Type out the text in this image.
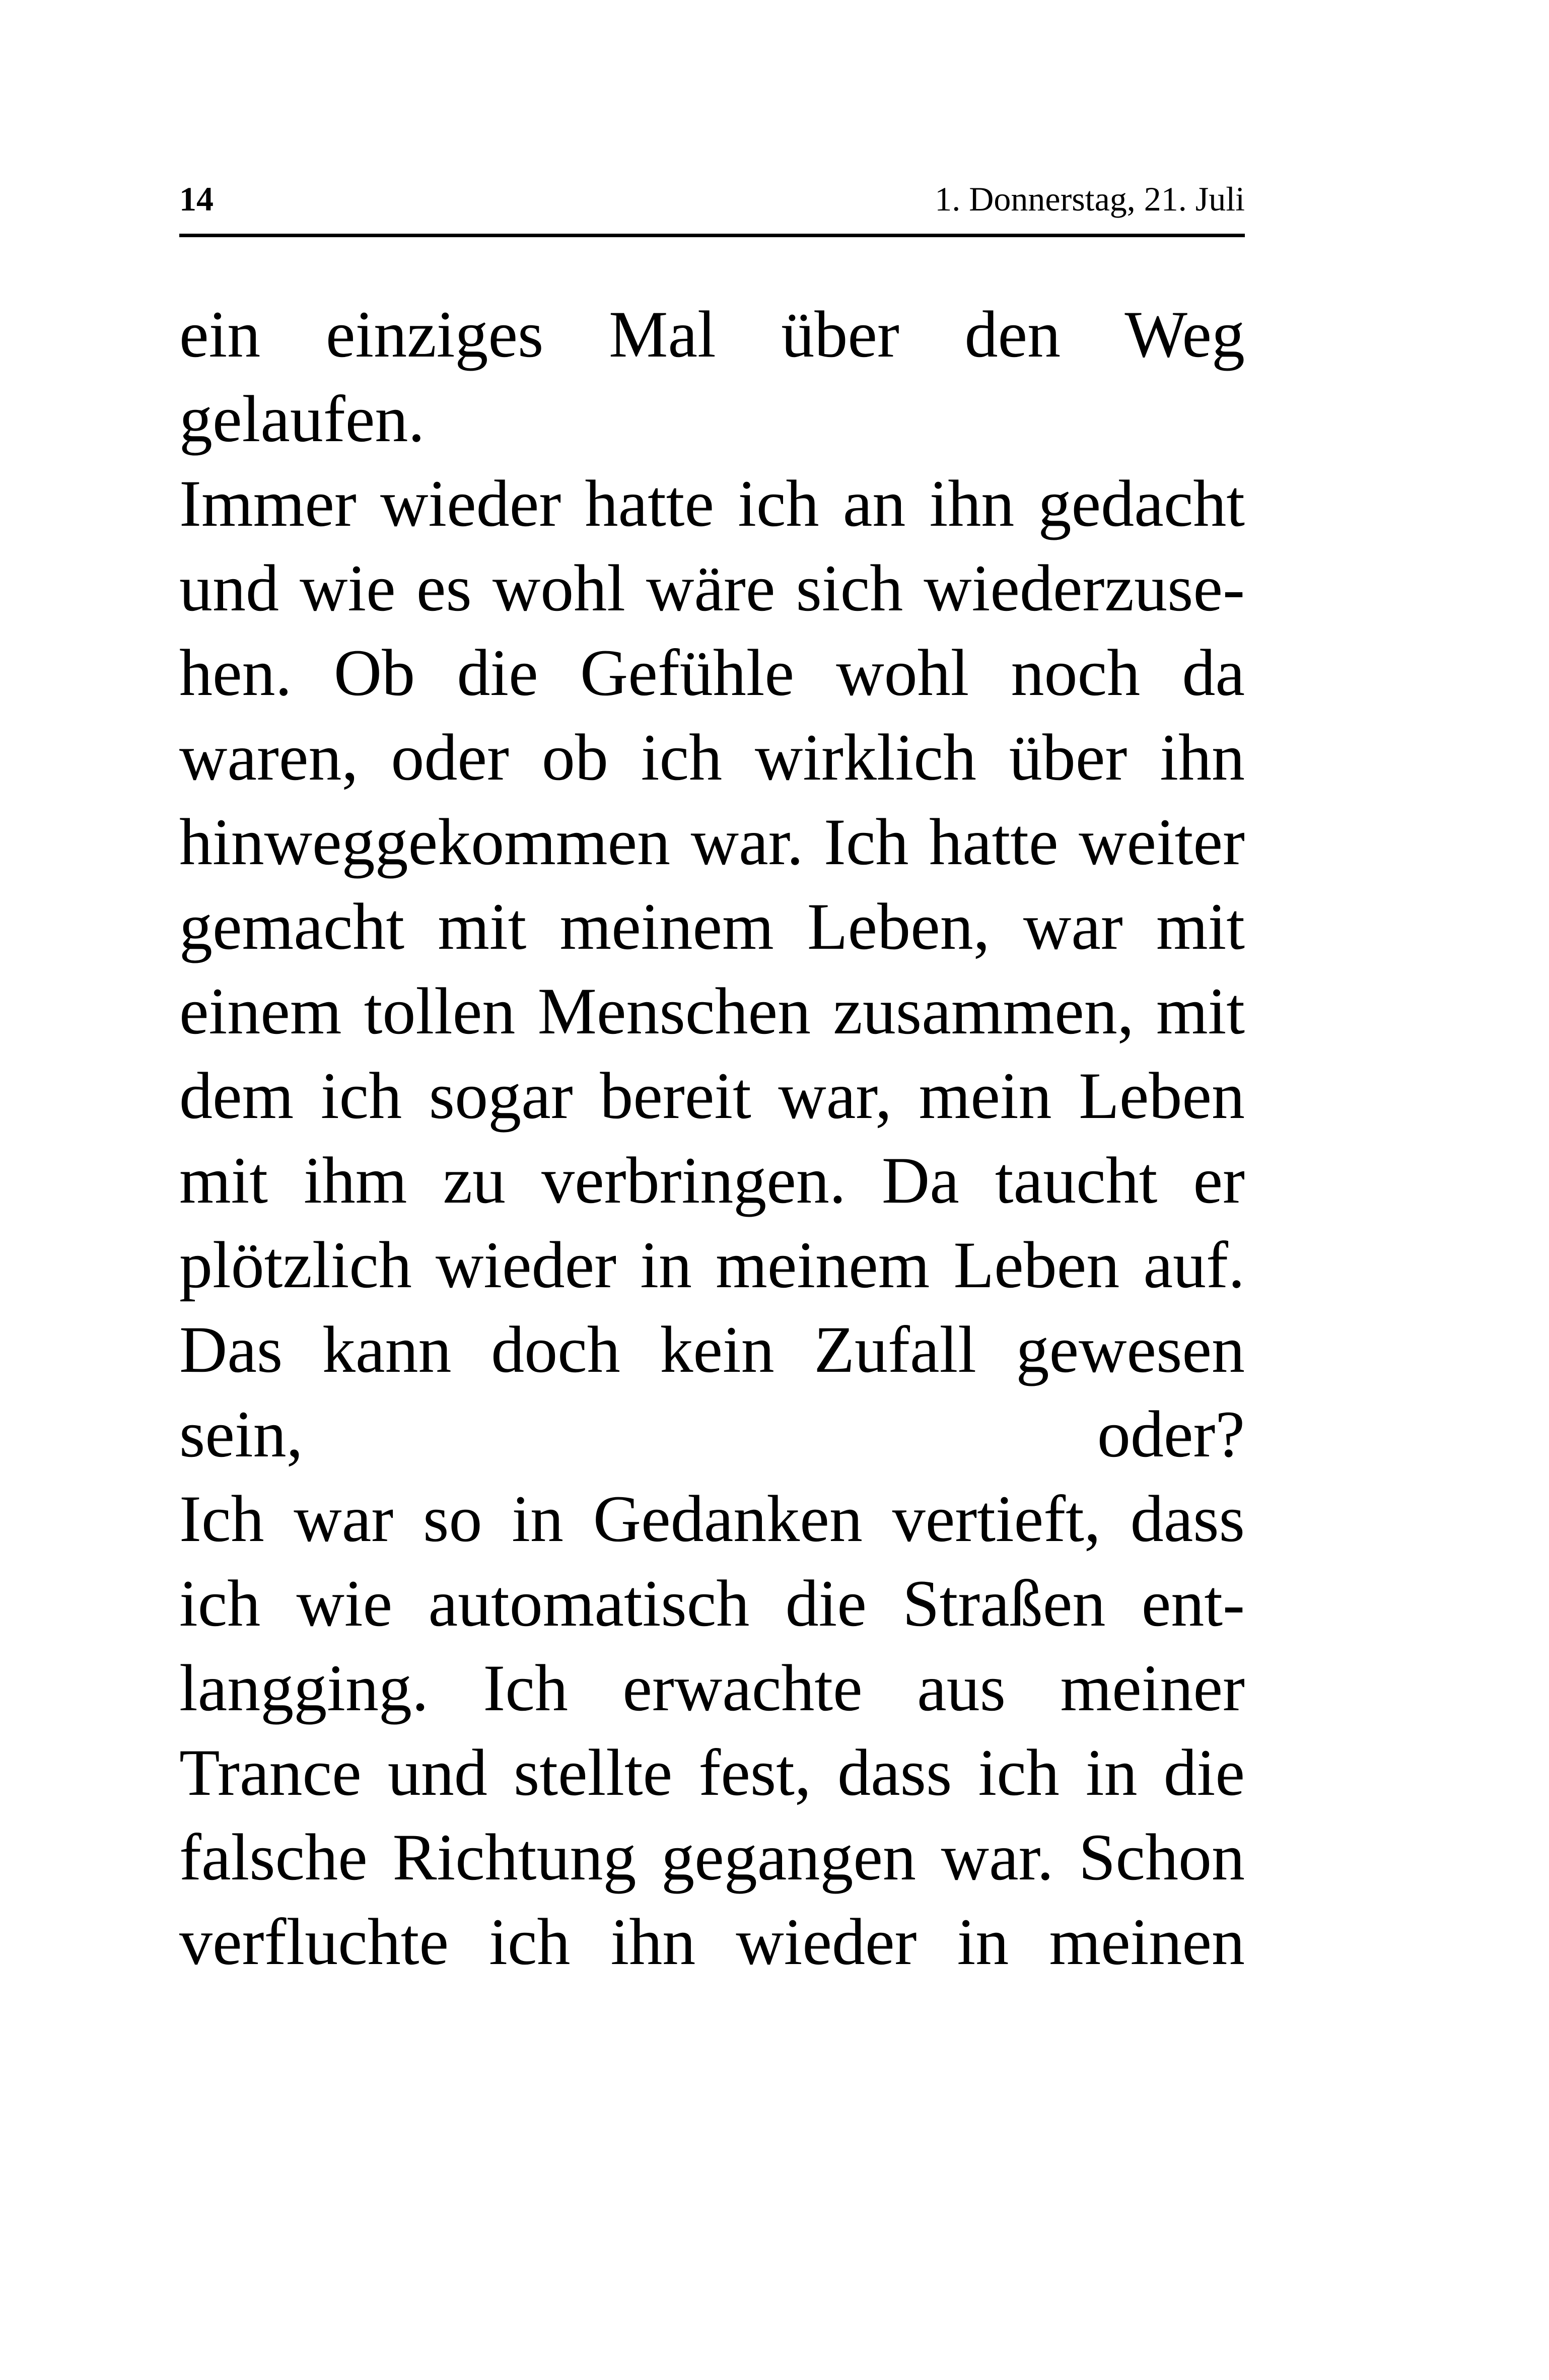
14	1. Donnerstag, 21. Juli
ein einziges Mal über den Weg
gelaufen.
Immer wieder hatte ich an ihn gedacht
und wie es wohl wäre sich wiederzuse-
hen. Ob die Gefühle wohl noch da
waren, oder ob ich wirklich über ihn
hinweggekommen war. Ich hatte weiter
gemacht mit meinem Leben, war mit
einem tollen Menschen zusammen, mit
dem ich sogar bereit war, mein Leben
mit ihm zu verbringen. Da taucht er
plötzlich wieder in meinem Leben auf.
Das kann doch kein Zufall gewesen
sein, oder?
Ich war so in Gedanken vertieft, dass
ich wie automatisch die Straßen ent-
langging. Ich erwachte aus meiner
Trance und stellte fest, dass ich in die
falsche Richtung gegangen war. Schon
verfluchte ich ihn wieder in meinen
